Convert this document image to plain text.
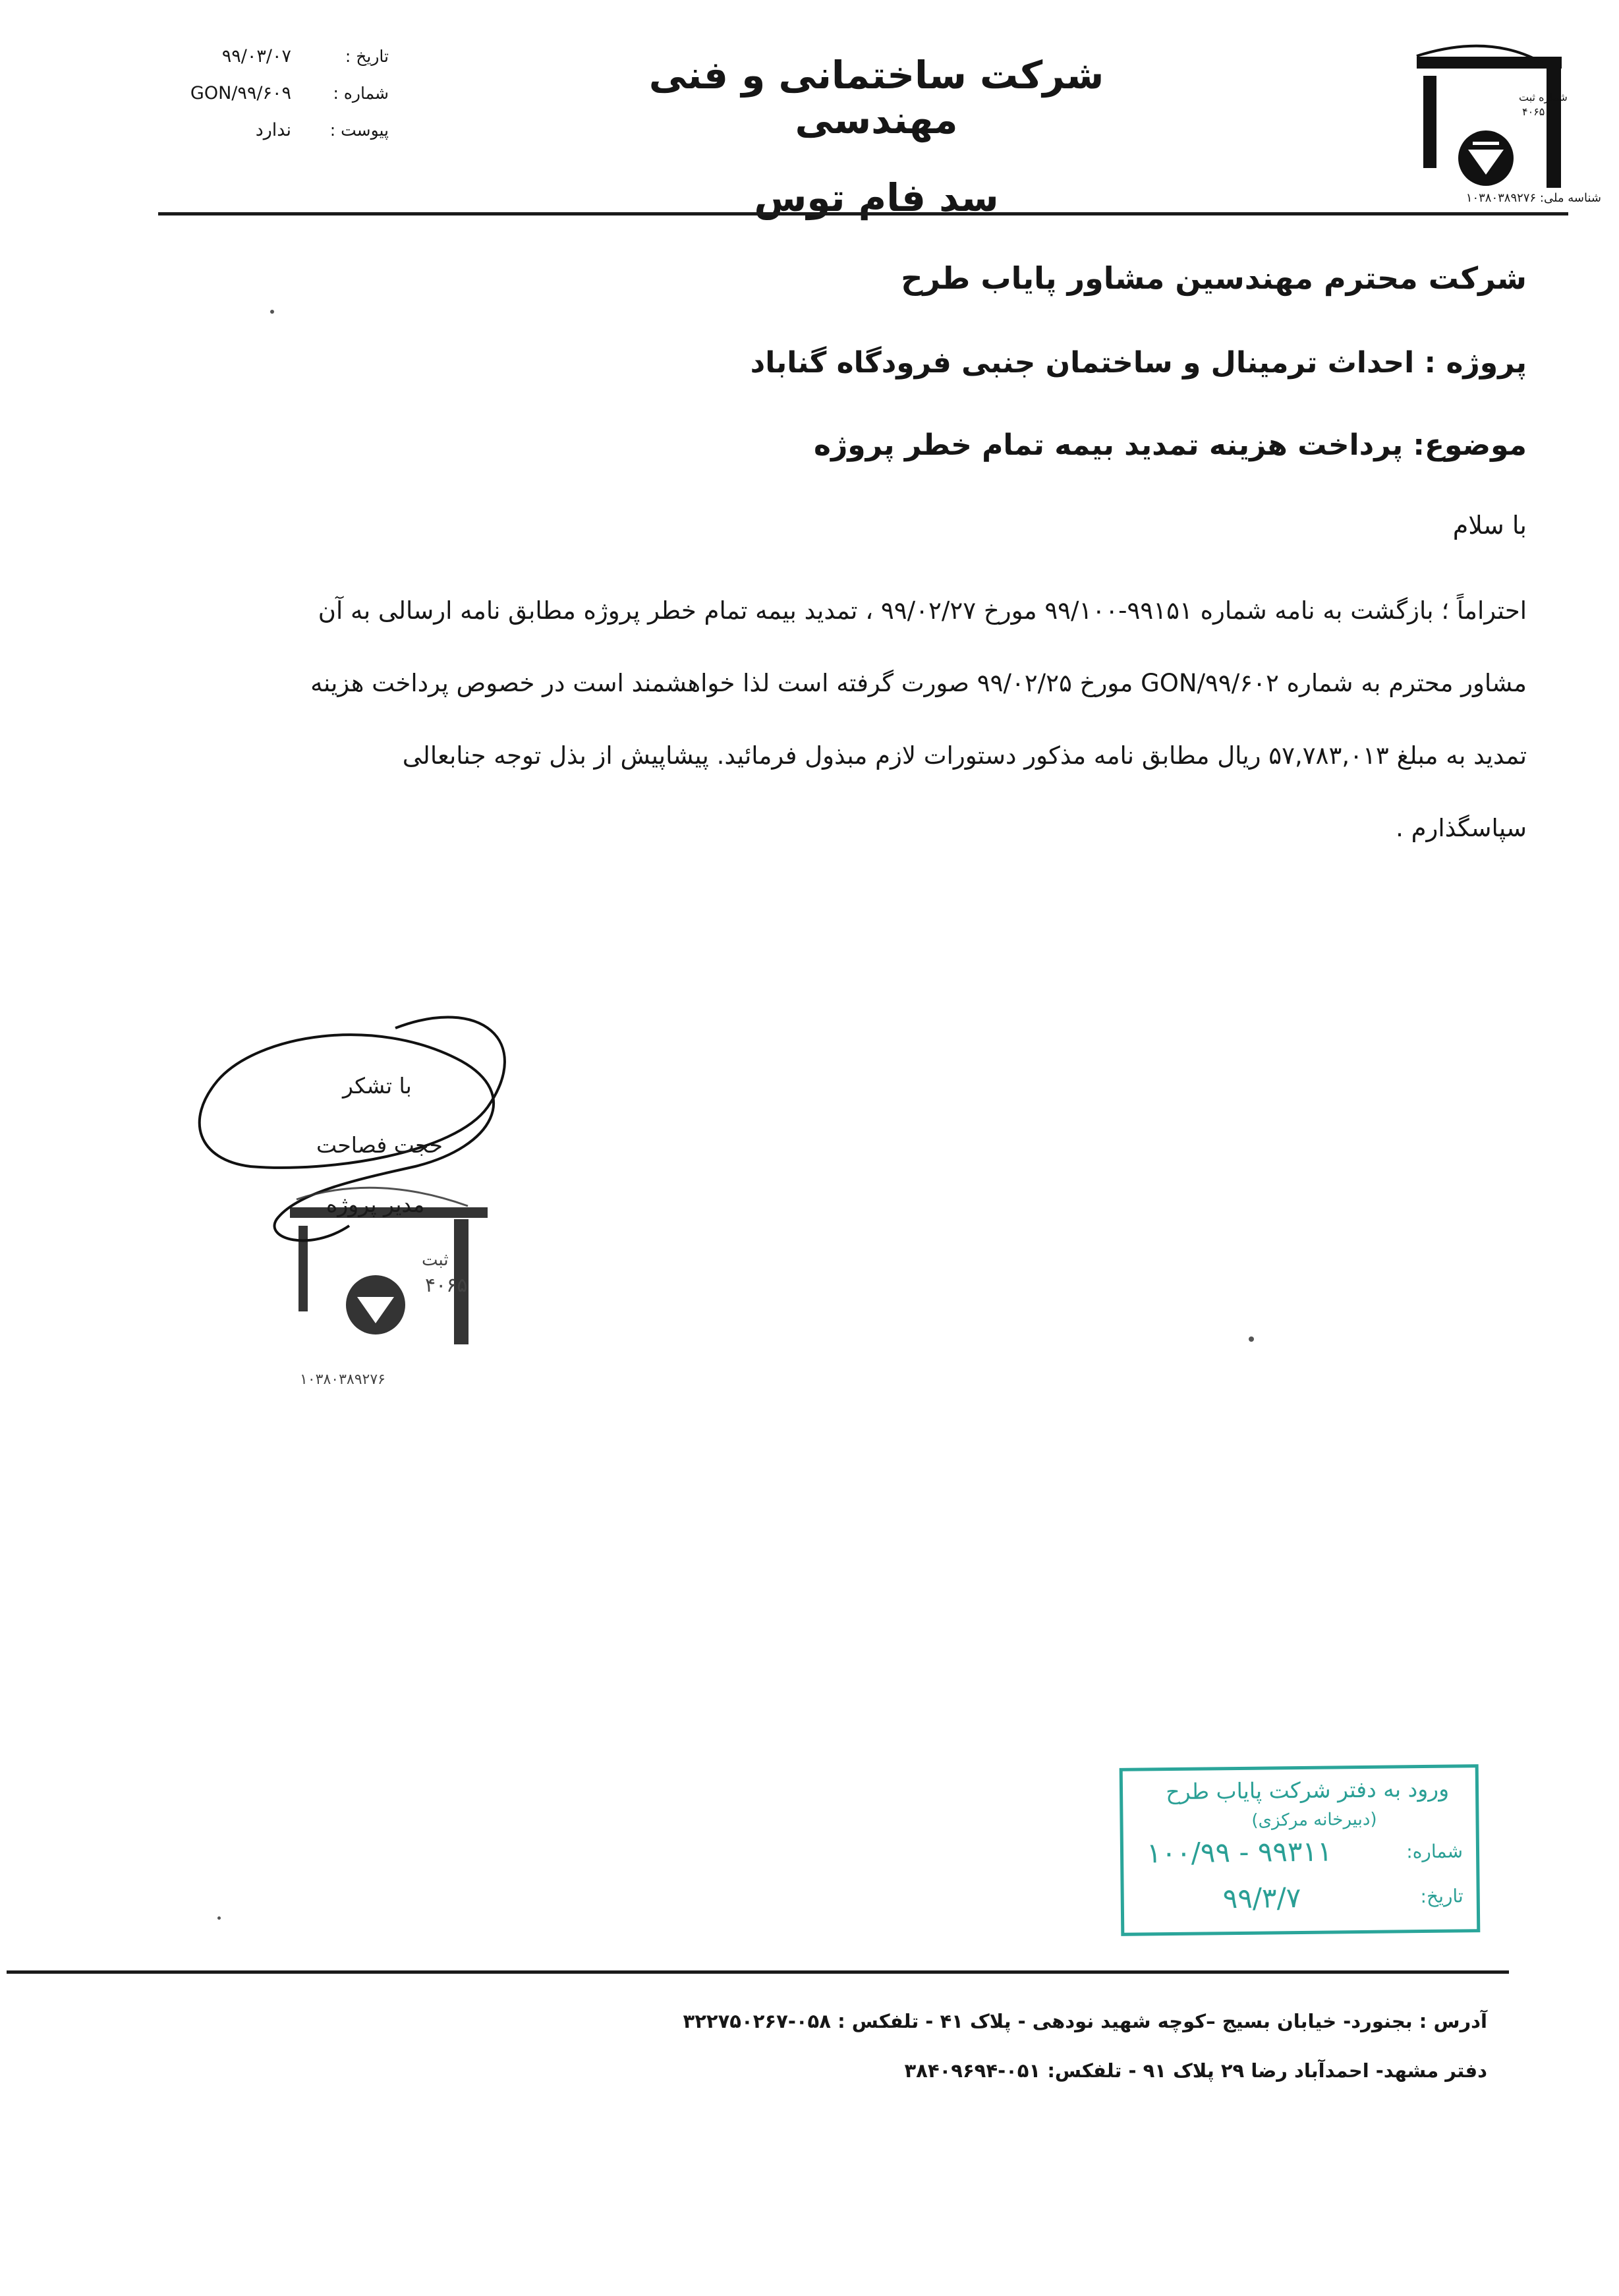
تاریخ :
۹۹/۰۳/۰۷
شماره :
GON/۹۹/۶۰۹
پیوست :
ندارد
شرکت ساختمانی و فنی مهندسی
سد فام توس
شماره ثبت
۴۰۶۵
شناسه ملی: ۱۰۳۸۰۳۸۹۲۷۶
شرکت محترم مهندسین مشاور پایاب طرح
پروژه : احداث ترمینال و ساختمان جنبی فرودگاه گناباد
موضوع: پرداخت هزینه تمدید بیمه تمام خطر پروژه
با سلام
احتراماً ؛ بازگشت به نامه شماره ۹۹۱۵۱-۹۹/۱۰۰ مورخ ۹۹/۰۲/۲۷ ، تمدید بیمه تمام خطر پروژه مطابق نامه ارسالی به آن
مشاور محترم به شماره GON/۹۹/۶۰۲ مورخ ۹۹/۰۲/۲۵ صورت گرفته است لذا خواهشمند است در خصوص پرداخت هزینه
تمدید به مبلغ ۵۷,۷۸۳,۰۱۳ ریال مطابق نامه مذکور دستورات لازم مبذول فرمائید. پیشاپیش از بذل توجه جنابعالی
سپاسگذارم .
ثبت
۴۰۶۵
۱۰۳۸۰۳۸۹۲۷۶
با تشکر
حجت فصاحت
مدیر پروژه
ورود به دفتر شرکت پایاب طرح
(دبیرخانه مرکزی)
شماره:
۱۰۰/۹۹ - ۹۹۳۱۱
تاریخ:
۹۹/۳/۷
آدرس : بجنورد- خیابان بسیج –کوچه شهید نودهی - پلاک ۴۱ - تلفکس : ۰۵۸-۳۲۲۷۵۰۲۶۷
دفتر مشهد- احمدآباد رضا ۲۹ پلاک ۹۱ - تلفکس: ۰۵۱-۳۸۴۰۹۶۹۴
